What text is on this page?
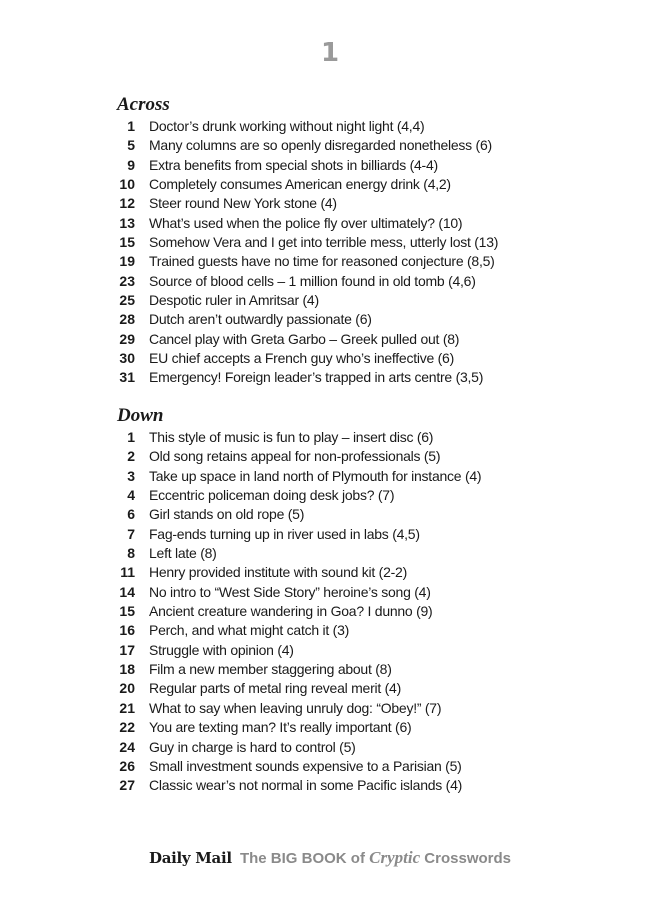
1
Across
1 Doctor’s drunk working without night light (4,4)
5 Many columns are so openly disregarded nonetheless (6)
9 Extra benefits from special shots in billiards (4-4)
10 Completely consumes American energy drink (4,2)
12 Steer round New York stone (4)
13 What’s used when the police fly over ultimately? (10)
15 Somehow Vera and I get into terrible mess, utterly lost (13)
19 Trained guests have no time for reasoned conjecture (8,5)
23 Source of blood cells – 1 million found in old tomb (4,6)
25 Despotic ruler in Amritsar (4)
28 Dutch aren’t outwardly passionate (6)
29 Cancel play with Greta Garbo – Greek pulled out (8)
30 EU chief accepts a French guy who’s ineffective (6)
31 Emergency! Foreign leader’s trapped in arts centre (3,5)
Down
1 This style of music is fun to play – insert disc (6)
2 Old song retains appeal for non-professionals (5)
3 Take up space in land north of Plymouth for instance (4)
4 Eccentric policeman doing desk jobs? (7)
6 Girl stands on old rope (5)
7 Fag-ends turning up in river used in labs (4,5)
8 Left late (8)
11 Henry provided institute with sound kit (2-2)
14 No intro to “West Side Story” heroine’s song (4)
15 Ancient creature wandering in Goa? I dunno (9)
16 Perch, and what might catch it (3)
17 Struggle with opinion (4)
18 Film a new member staggering about (8)
20 Regular parts of metal ring reveal merit (4)
21 What to say when leaving unruly dog: “Obey!” (7)
22 You are texting man? It’s really important (6)
24 Guy in charge is hard to control (5)
26 Small investment sounds expensive to a Parisian (5)
27 Classic wear’s not normal in some Pacific islands (4)
Daily Mail The BIG BOOK of Cryptic Crosswords
